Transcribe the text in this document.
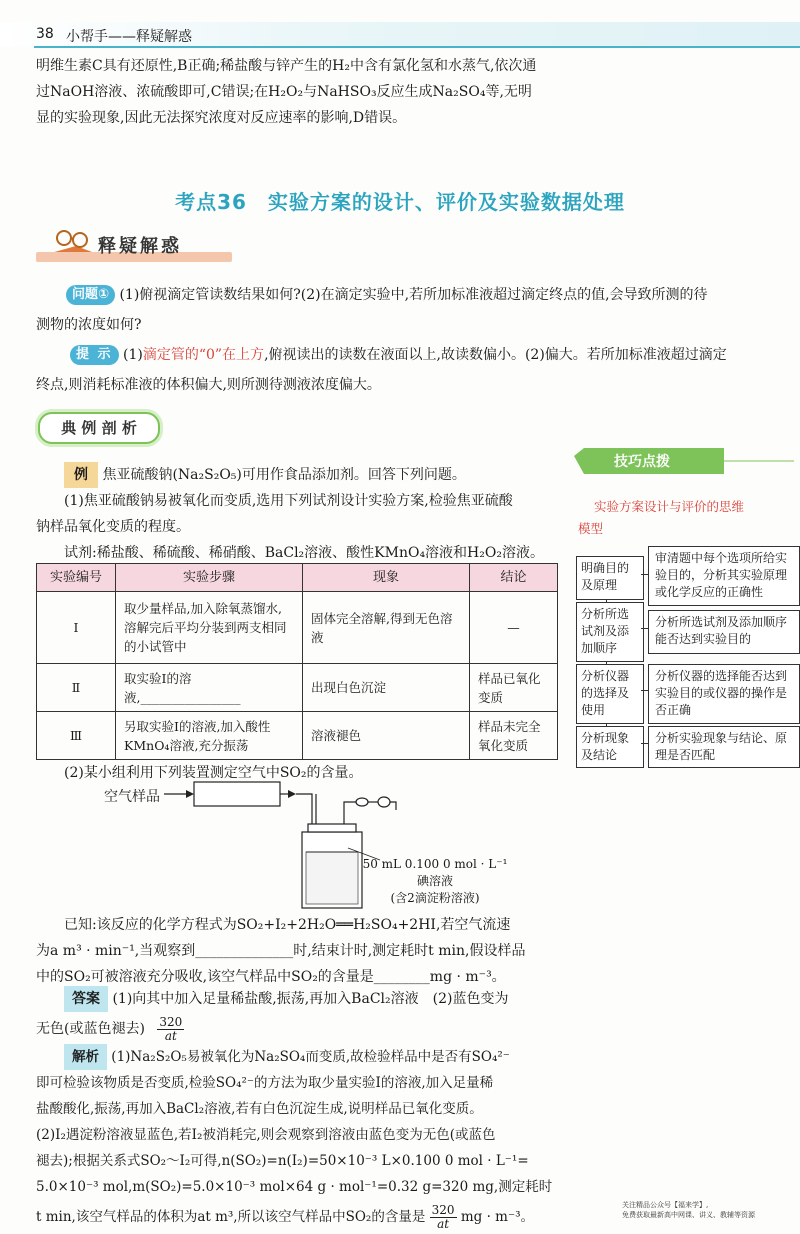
38 小帮手——释疑解惑
明维生素C具有还原性,B正确;稀盐酸与锌产生的H₂中含有氯化氢和水蒸气,依次通
过NaOH溶液、浓硫酸即可,C错误;在H₂O₂与NaHSO₃反应生成Na₂SO₄等,无明
显的实验现象,因此无法探究浓度对反应速率的影响,D错误。
考点36　实验方案的设计、评价及实验数据处理
释疑解惑
问题① (1)俯视滴定管读数结果如何?(2)在滴定实验中,若所加标准液超过滴定终点的值,会导致所测的待
测物的浓度如何?
提 示 (1)滴定管的“0”在上方,俯视读出的读数在液面以上,故读数偏小。(2)偏大。若所加标准液超过滴定
终点,则消耗标准液的体积偏大,则所测待测液浓度偏大。
典 例 剖 析
例 焦亚硫酸钠(Na₂S₂O₅)可用作食品添加剂。回答下列问题。
(1)焦亚硫酸钠易被氧化而变质,选用下列试剂设计实验方案,检验焦亚硫酸
钠样品氧化变质的程度。
试剂:稀盐酸、稀硫酸、稀硝酸、BaCl₂溶液、酸性KMnO₄溶液和H₂O₂溶液。
实验编号	实验步骤	现象	结论
Ⅰ	取少量样品,加入除氧蒸馏水,溶解完后平均分装到两支相同的小试管中	固体完全溶解,得到无色溶液	—
Ⅱ	取实验Ⅰ的溶液,________________	出现白色沉淀	样品已氧化变质
Ⅲ	另取实验Ⅰ的溶液,加入酸性KMnO₄溶液,充分振荡	溶液褪色	样品未完全氧化变质
(2)某小组利用下列装置测定空气中SO₂的含量。
空气样品
50 mL 0.100 0 mol · L⁻¹
碘溶液
(含2滴淀粉溶液)
已知:该反应的化学方程式为SO₂+I₂+2H₂O══H₂SO₄+2HI,若空气流速
为a m³ · min⁻¹,当观察到______________时,结束计时,测定耗时t min,假设样品
中的SO₂可被溶液充分吸收,该空气样品中SO₂的含量是________mg · m⁻³。
答案 (1)向其中加入足量稀盐酸,振荡,再加入BaCl₂溶液　(2)蓝色变为
无色(或蓝色褪去) $\frac{320}{at}$
解析 (1)Na₂S₂O₅易被氧化为Na₂SO₄而变质,故检验样品中是否有SO₄²⁻
即可检验该物质是否变质,检验SO₄²⁻的方法为取少量实验Ⅰ的溶液,加入足量稀
盐酸酸化,振荡,再加入BaCl₂溶液,若有白色沉淀生成,说明样品已氧化变质。
(2)I₂遇淀粉溶液显蓝色,若I₂被消耗完,则会观察到溶液由蓝色变为无色(或蓝色
褪去);根据关系式SO₂～I₂可得,n(SO₂)=n(I₂)=50×10⁻³ L×0.100 0 mol · L⁻¹=
5.0×10⁻³ mol,m(SO₂)=5.0×10⁻³ mol×64 g · mol⁻¹=0.32 g=320 mg,测定耗时
t min,该空气样品的体积为at m³,所以该空气样品中SO₂的含量是 $\frac{320}{at}$ mg · m⁻³。
技巧点拨
实验方案设计与评价的思维
模型
明确目的及原理
审清题中每个选项所给实验目的，分析其实验原理或化学反应的正确性
分析所选试剂及添加顺序
分析所选试剂及添加顺序能否达到实验目的
分析仪器的选择及使用
分析仪器的选择能否达到实验目的或仪器的操作是否正确
分析现象及结论
分析实验现象与结论、原理是否匹配
关注精品公众号【福来学】,
免费获取最新高中网课、讲义、教辅等资源
